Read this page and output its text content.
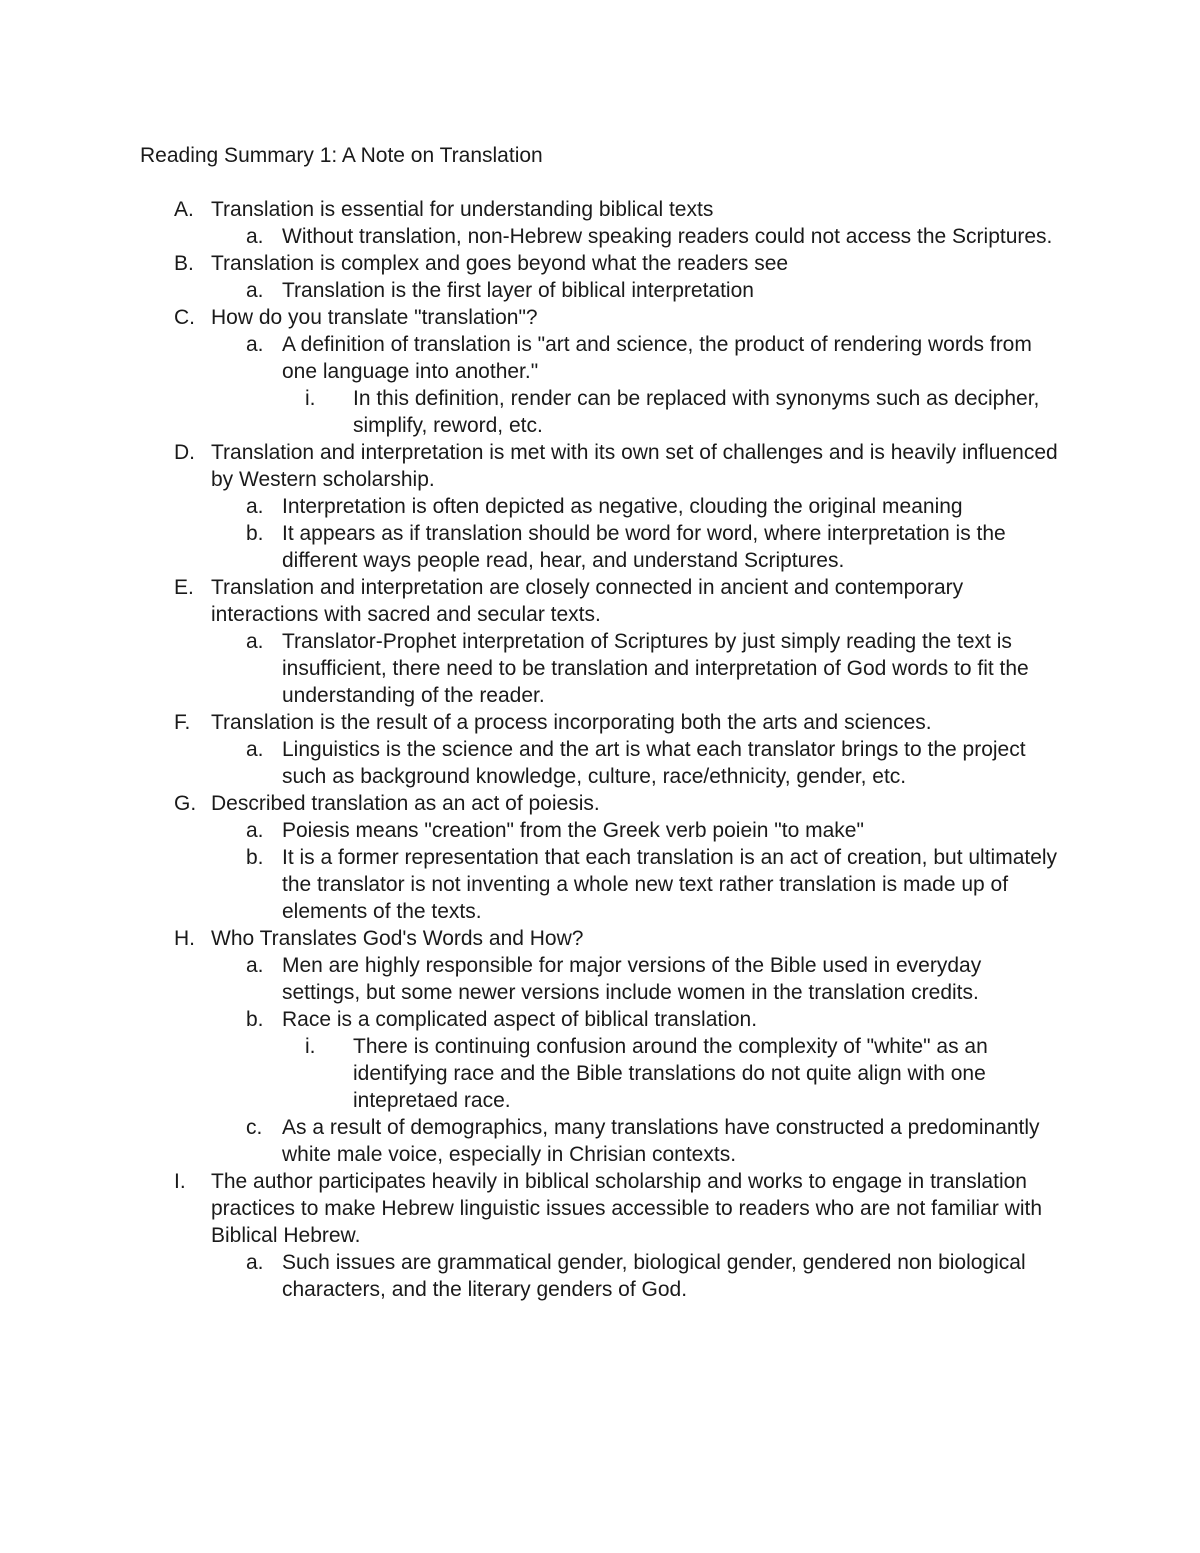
Reading Summary 1: A Note on Translation
A. Translation is essential for understanding biblical texts
a. Without translation, non-Hebrew speaking readers could not access the Scriptures.
B. Translation is complex and goes beyond what the readers see
a. Translation is the first layer of biblical interpretation
C. How do you translate "translation"?
a. A definition of translation is "art and science, the product of rendering words from one language into another."
i. In this definition, render can be replaced with synonyms such as decipher, simplify, reword, etc.
D. Translation and interpretation is met with its own set of challenges and is heavily influenced by Western scholarship.
a. Interpretation is often depicted as negative, clouding the original meaning
b. It appears as if translation should be word for word, where interpretation is the different ways people read, hear, and understand Scriptures.
E. Translation and interpretation are closely connected in ancient and contemporary interactions with sacred and secular texts.
a. Translator-Prophet interpretation of Scriptures by just simply reading the text is insufficient, there need to be translation and interpretation of God words to fit the understanding of the reader.
F. Translation is the result of a process incorporating both the arts and sciences.
a. Linguistics is the science and the art is what each translator brings to the project such as background knowledge, culture, race/ethnicity, gender, etc.
G. Described translation as an act of poiesis.
a. Poiesis means "creation" from the Greek verb poiein "to make"
b. It is a former representation that each translation is an act of creation, but ultimately the translator is not inventing a whole new text rather translation is made up of elements of the texts.
H. Who Translates God's Words and How?
a. Men are highly responsible for major versions of the Bible used in everyday settings, but some newer versions include women in the translation credits.
b. Race is a complicated aspect of biblical translation.
i. There is continuing confusion around the complexity of "white" as an identifying race and the Bible translations do not quite align with one intepretaed race.
c. As a result of demographics, many translations have constructed a predominantly white male voice, especially in Chrisian contexts.
I. The author participates heavily in biblical scholarship and works to engage in translation practices to make Hebrew linguistic issues accessible to readers who are not familiar with Biblical Hebrew.
a. Such issues are grammatical gender, biological gender, gendered non biological characters, and the literary genders of God.
